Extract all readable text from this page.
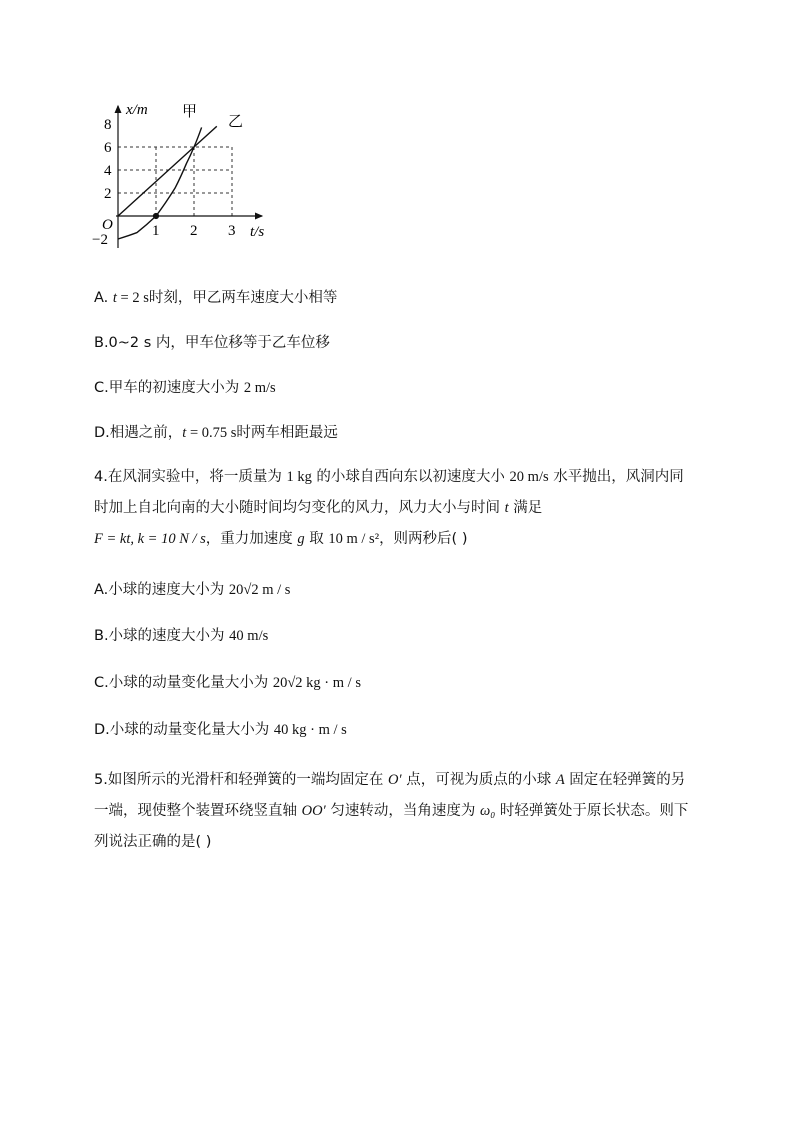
1 2 3
8
6
4
2
−2
x/m
t/s
O
甲
乙
A. t = 2 s时刻，甲乙两车速度大小相等
B.0~2 s 内，甲车位移等于乙车位移
C.甲车的初速度大小为 2 m/s
D.相遇之前，t = 0.75 s时两车相距最远
4.在风洞实验中，将一质量为 1 kg 的小球自西向东以初速度大小 20 m/s 水平抛出，风洞内同时加上自北向南的大小随时间均匀变化的风力，风力大小与时间 t 满足
F = kt, k = 10 N / s，重力加速度 g 取 10 m / s²，则两秒后( )
A.小球的速度大小为 20√2 m / s
B.小球的速度大小为 40 m/s
C.小球的动量变化量大小为 20√2 kg · m / s
D.小球的动量变化量大小为 40 kg · m / s
5.如图所示的光滑杆和轻弹簧的一端均固定在 O′ 点，可视为质点的小球 A 固定在轻弹簧的另一端，现使整个装置环绕竖直轴 OO′ 匀速转动，当角速度为 ω₀ 时轻弹簧处于原长状态。则下列说法正确的是( )
